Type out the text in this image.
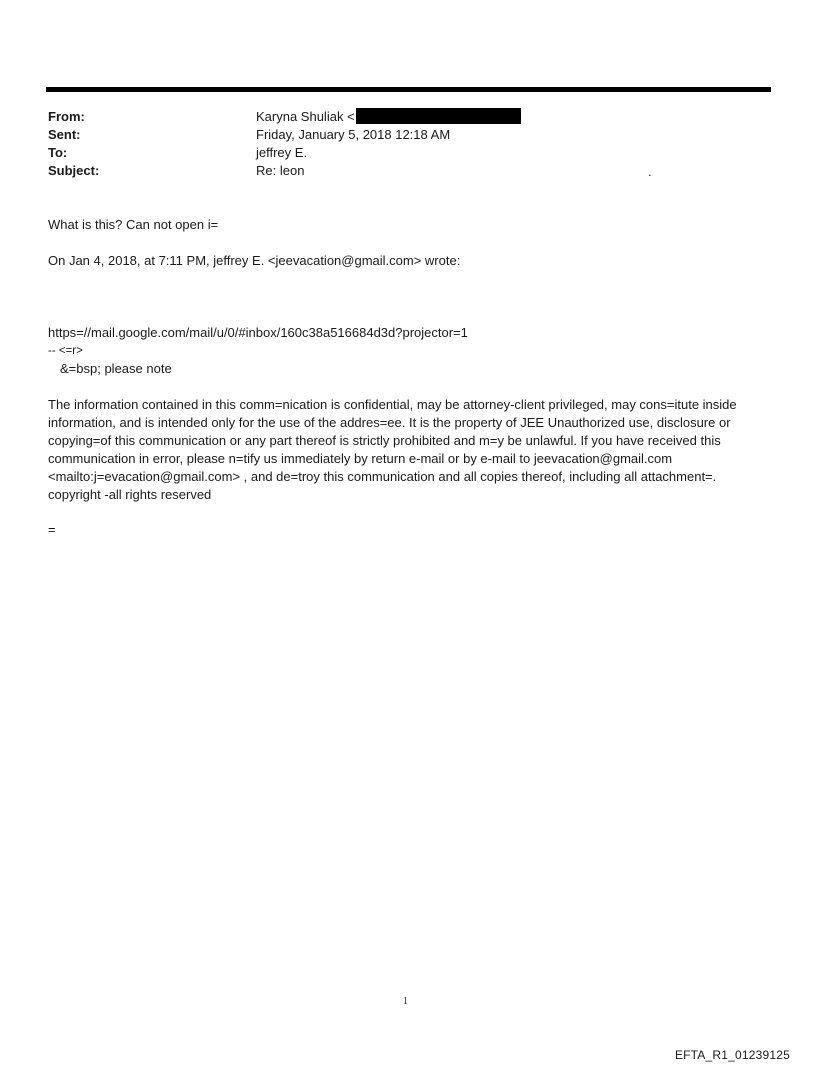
From:	Karyna Shuliak <
Sent:	Friday, January 5, 2018 12:18 AM
To:	jeffrey E.
Subject:	Re: leon	.
What is this? Can not open i=
On Jan 4, 2018, at 7:11 PM, jeffrey E. <jeevacation@gmail.com> wrote:
https=//mail.google.com/mail/u/0/#inbox/160c38a516684d3d?projector=1
-- <=r>
&=bsp; please note
The information contained in this comm=nication is confidential, may be attorney-client privileged, may cons=itute inside information, and is intended only for the use of the addres=ee. It is the property of JEE Unauthorized use, disclosure or copying=of this communication or any part thereof is strictly prohibited and m=y be unlawful. If you have received this communication in error, please n=tify us immediately by return e-mail or by e-mail to jeevacation@gmail.com <mailto:j=evacation@gmail.com> , and de=troy this communication and all copies thereof, including all attachment=. copyright -all rights reserved
=
1
EFTA_R1_01239125
